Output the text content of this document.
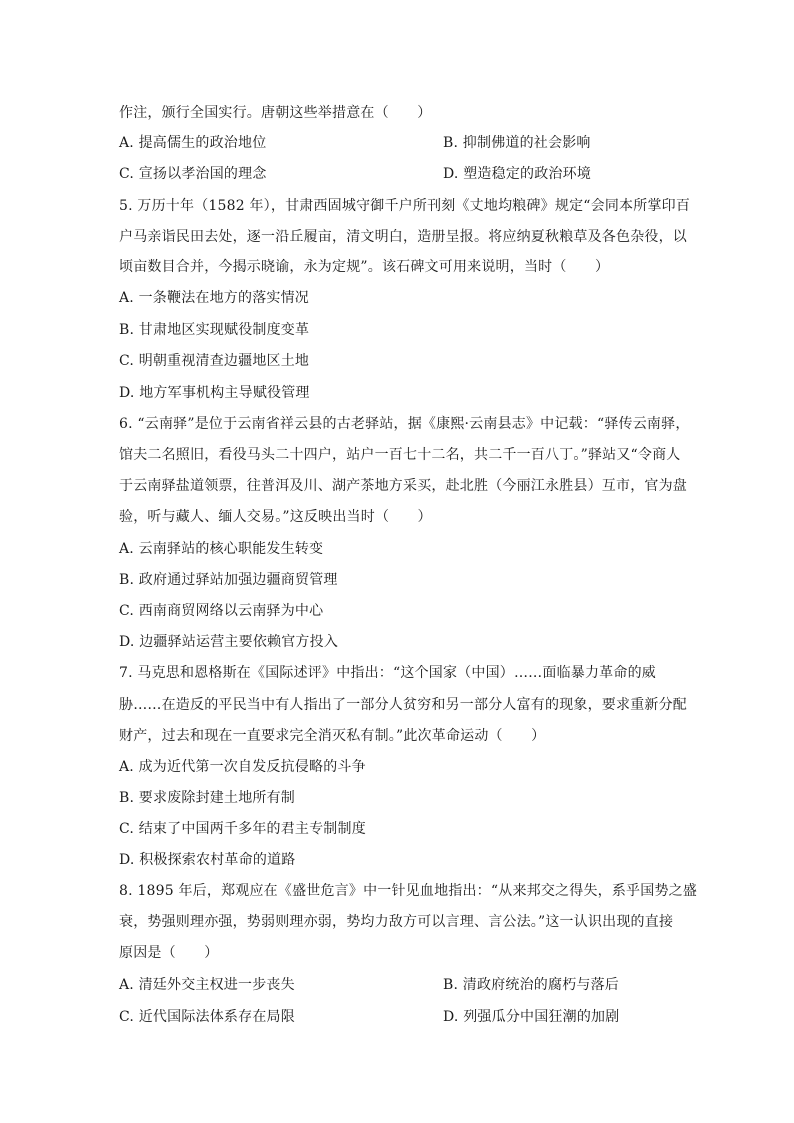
作注，颁行全国实行。唐朝这些举措意在（　　）
A. 提高儒生的政治地位	B. 抑制佛道的社会影响
C. 宣扬以孝治国的理念	D. 塑造稳定的政治环境
5. 万历十年（1582 年），甘肃西固城守御千户所刊刻《丈地均粮碑》规定“会同本所掌印百
户马亲诣民田去处，逐一沿丘履亩，清文明白，造册呈报。将应纳夏秋粮草及各色杂役，以
顷亩数目合并，今揭示晓谕，永为定规”。该石碑文可用来说明，当时（　　）
A. 一条鞭法在地方的落实情况
B. 甘肃地区实现赋役制度变革
C. 明朝重视清查边疆地区土地
D. 地方军事机构主导赋役管理
6. “云南驿”是位于云南省祥云县的古老驿站，据《康熙·云南县志》中记载：“驿传云南驿，
馆夫二名照旧，看役马头二十四户，站户一百七十二名，共二千一百八丁。”驿站又“令商人
于云南驿盐道领票，往普洱及川、湖产茶地方采买，赴北胜（今丽江永胜县）互市，官为盘
验，听与藏人、缅人交易。”这反映出当时（　　）
A. 云南驿站的核心职能发生转变
B. 政府通过驿站加强边疆商贸管理
C. 西南商贸网络以云南驿为中心
D. 边疆驿站运营主要依赖官方投入
7. 马克思和恩格斯在《国际述评》中指出：“这个国家（中国）……面临暴力革命的威
胁……在造反的平民当中有人指出了一部分人贫穷和另一部分人富有的现象，要求重新分配
财产，过去和现在一直要求完全消灭私有制。”此次革命运动（　　）
A. 成为近代第一次自发反抗侵略的斗争
B. 要求废除封建土地所有制
C. 结束了中国两千多年的君主专制制度
D. 积极探索农村革命的道路
8. 1895 年后，郑观应在《盛世危言》中一针见血地指出：“从来邦交之得失，系乎国势之盛
衰，势强则理亦强，势弱则理亦弱，势均力敌方可以言理、言公法。”这一认识出现的直接
原因是（　　）
A. 清廷外交主权进一步丧失	B. 清政府统治的腐朽与落后
C. 近代国际法体系存在局限	D. 列强瓜分中国狂潮的加剧
